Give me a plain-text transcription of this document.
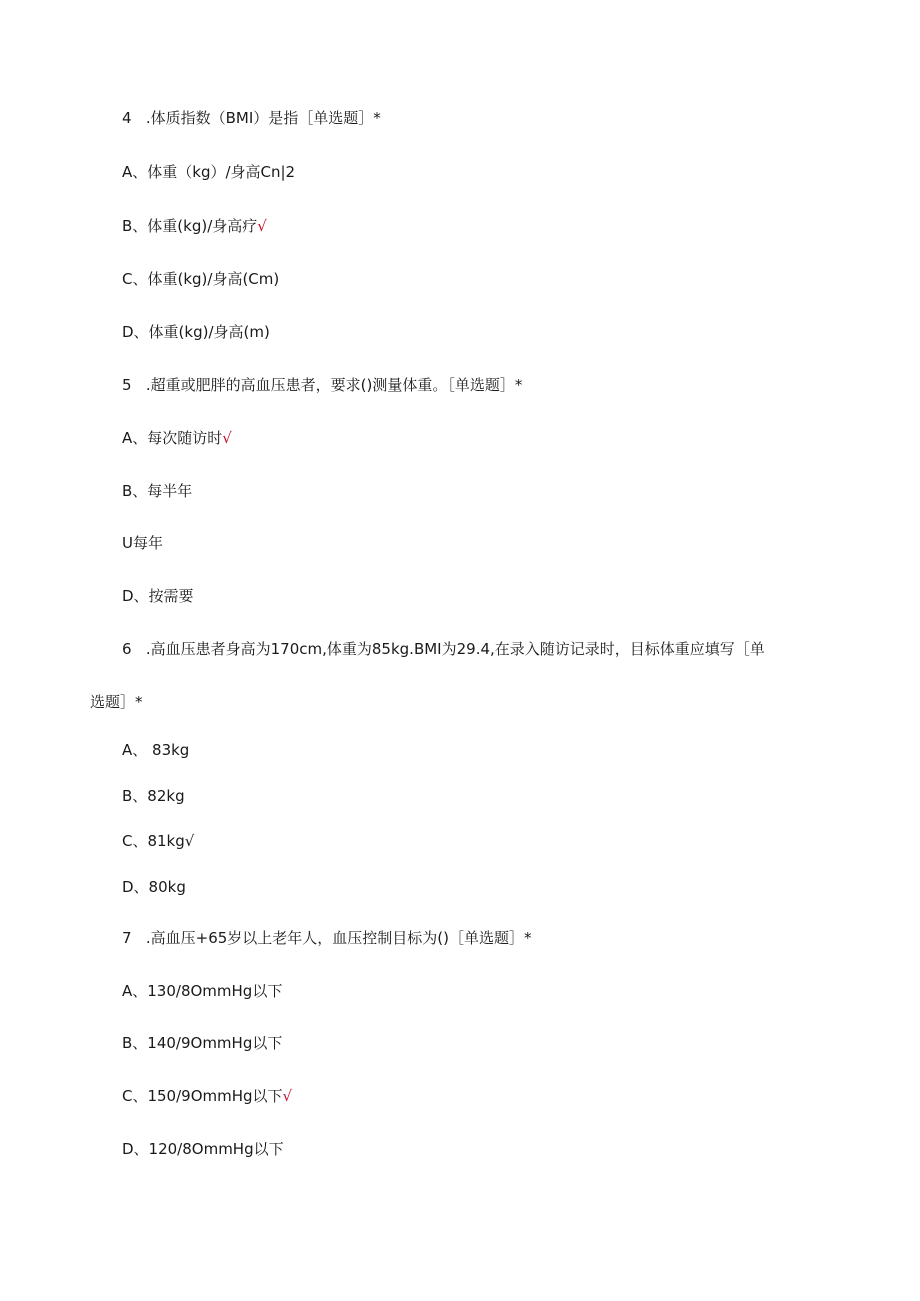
4 .体质指数（BMI）是指［单选题］*
A、体重（kg）/身高Cn|2
B、体重(kg)/身高疗√
C、体重(kg)/身高(Cm)
D、体重(kg)/身高(m)
5 .超重或肥胖的高血压患者，要求()测量体重。［单选题］*
A、每次随访时√
B、每半年
U每年
D、按需要
6 .高血压患者身高为170cm,体重为85kg.BMI为29.4,在录入随访记录时，目标体重应填写［单
选题］*
A、 83kg
B、82kg
C、81kg√
D、80kg
7 .高血压+65岁以上老年人，血压控制目标为()［单选题］*
A、130/8OmmHg以下
B、140/9OmmHg以下
C、150/9OmmHg以下√
D、120/8OmmHg以下
